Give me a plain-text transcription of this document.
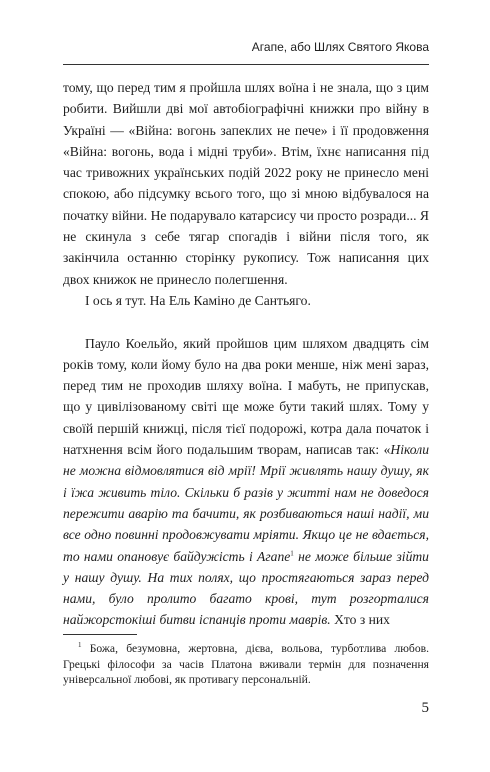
Агапе, або Шлях Святого Якова

тому, що перед тим я пройшла шлях воїна і не знала, що з цим робити. Вийшли дві мої автобіографічні книжки про війну в Україні — «Війна: вогонь запеклих не пече» і її продовження «Війна: вогонь, вода і мідні труби». Втім, їхнє написання під час тривожних українських подій 2022 року не принесло мені спокою, або підсумку всього того, що зі мною відбувалося на початку війни. Не подарувало катарсису чи просто розради... Я не скинула з себе тягар спогадів і війни після того, як закінчила останню сторінку рукопису. Тож написання цих двох книжок не принесло полегшення.

І ось я тут. На Ель Каміно де Сантьяго.

Пауло Коельйо, який пройшов цим шляхом двадцять сім років тому, коли йому було на два роки менше, ніж мені зараз, перед тим не проходив шляху воїна. І мабуть, не припускав, що у цивілізованому світі ще може бути такий шлях. Тому у своїй першій книжці, після тієї подорожі, котра дала початок і натхнення всім його подальшим творам, написав так: «Ніколи не можна відмовлятися від мрії! Мрії живлять нашу душу, як і їжа живить тіло. Скільки б разів у житті нам не доведося пережити аварію та бачити, як розбиваються наші надії, ми все одно повинні продовжувати мріяти. Якщо це не вдається, то нами опановує байдужість і Агапе$^1$ не може більше зійти у нашу душу. На тих полях, що простягаються зараз перед нами, було пролито багато крові, тут розгорталися найжорстокіші битви іспанців проти маврів. Хто з них

$^1$ Божа, безумовна, жертовна, дієва, вольова, турботлива любов. Грецькі філософи за часів Платона вживали термін для позначення універсальної любові, як противагу персональній.

5
